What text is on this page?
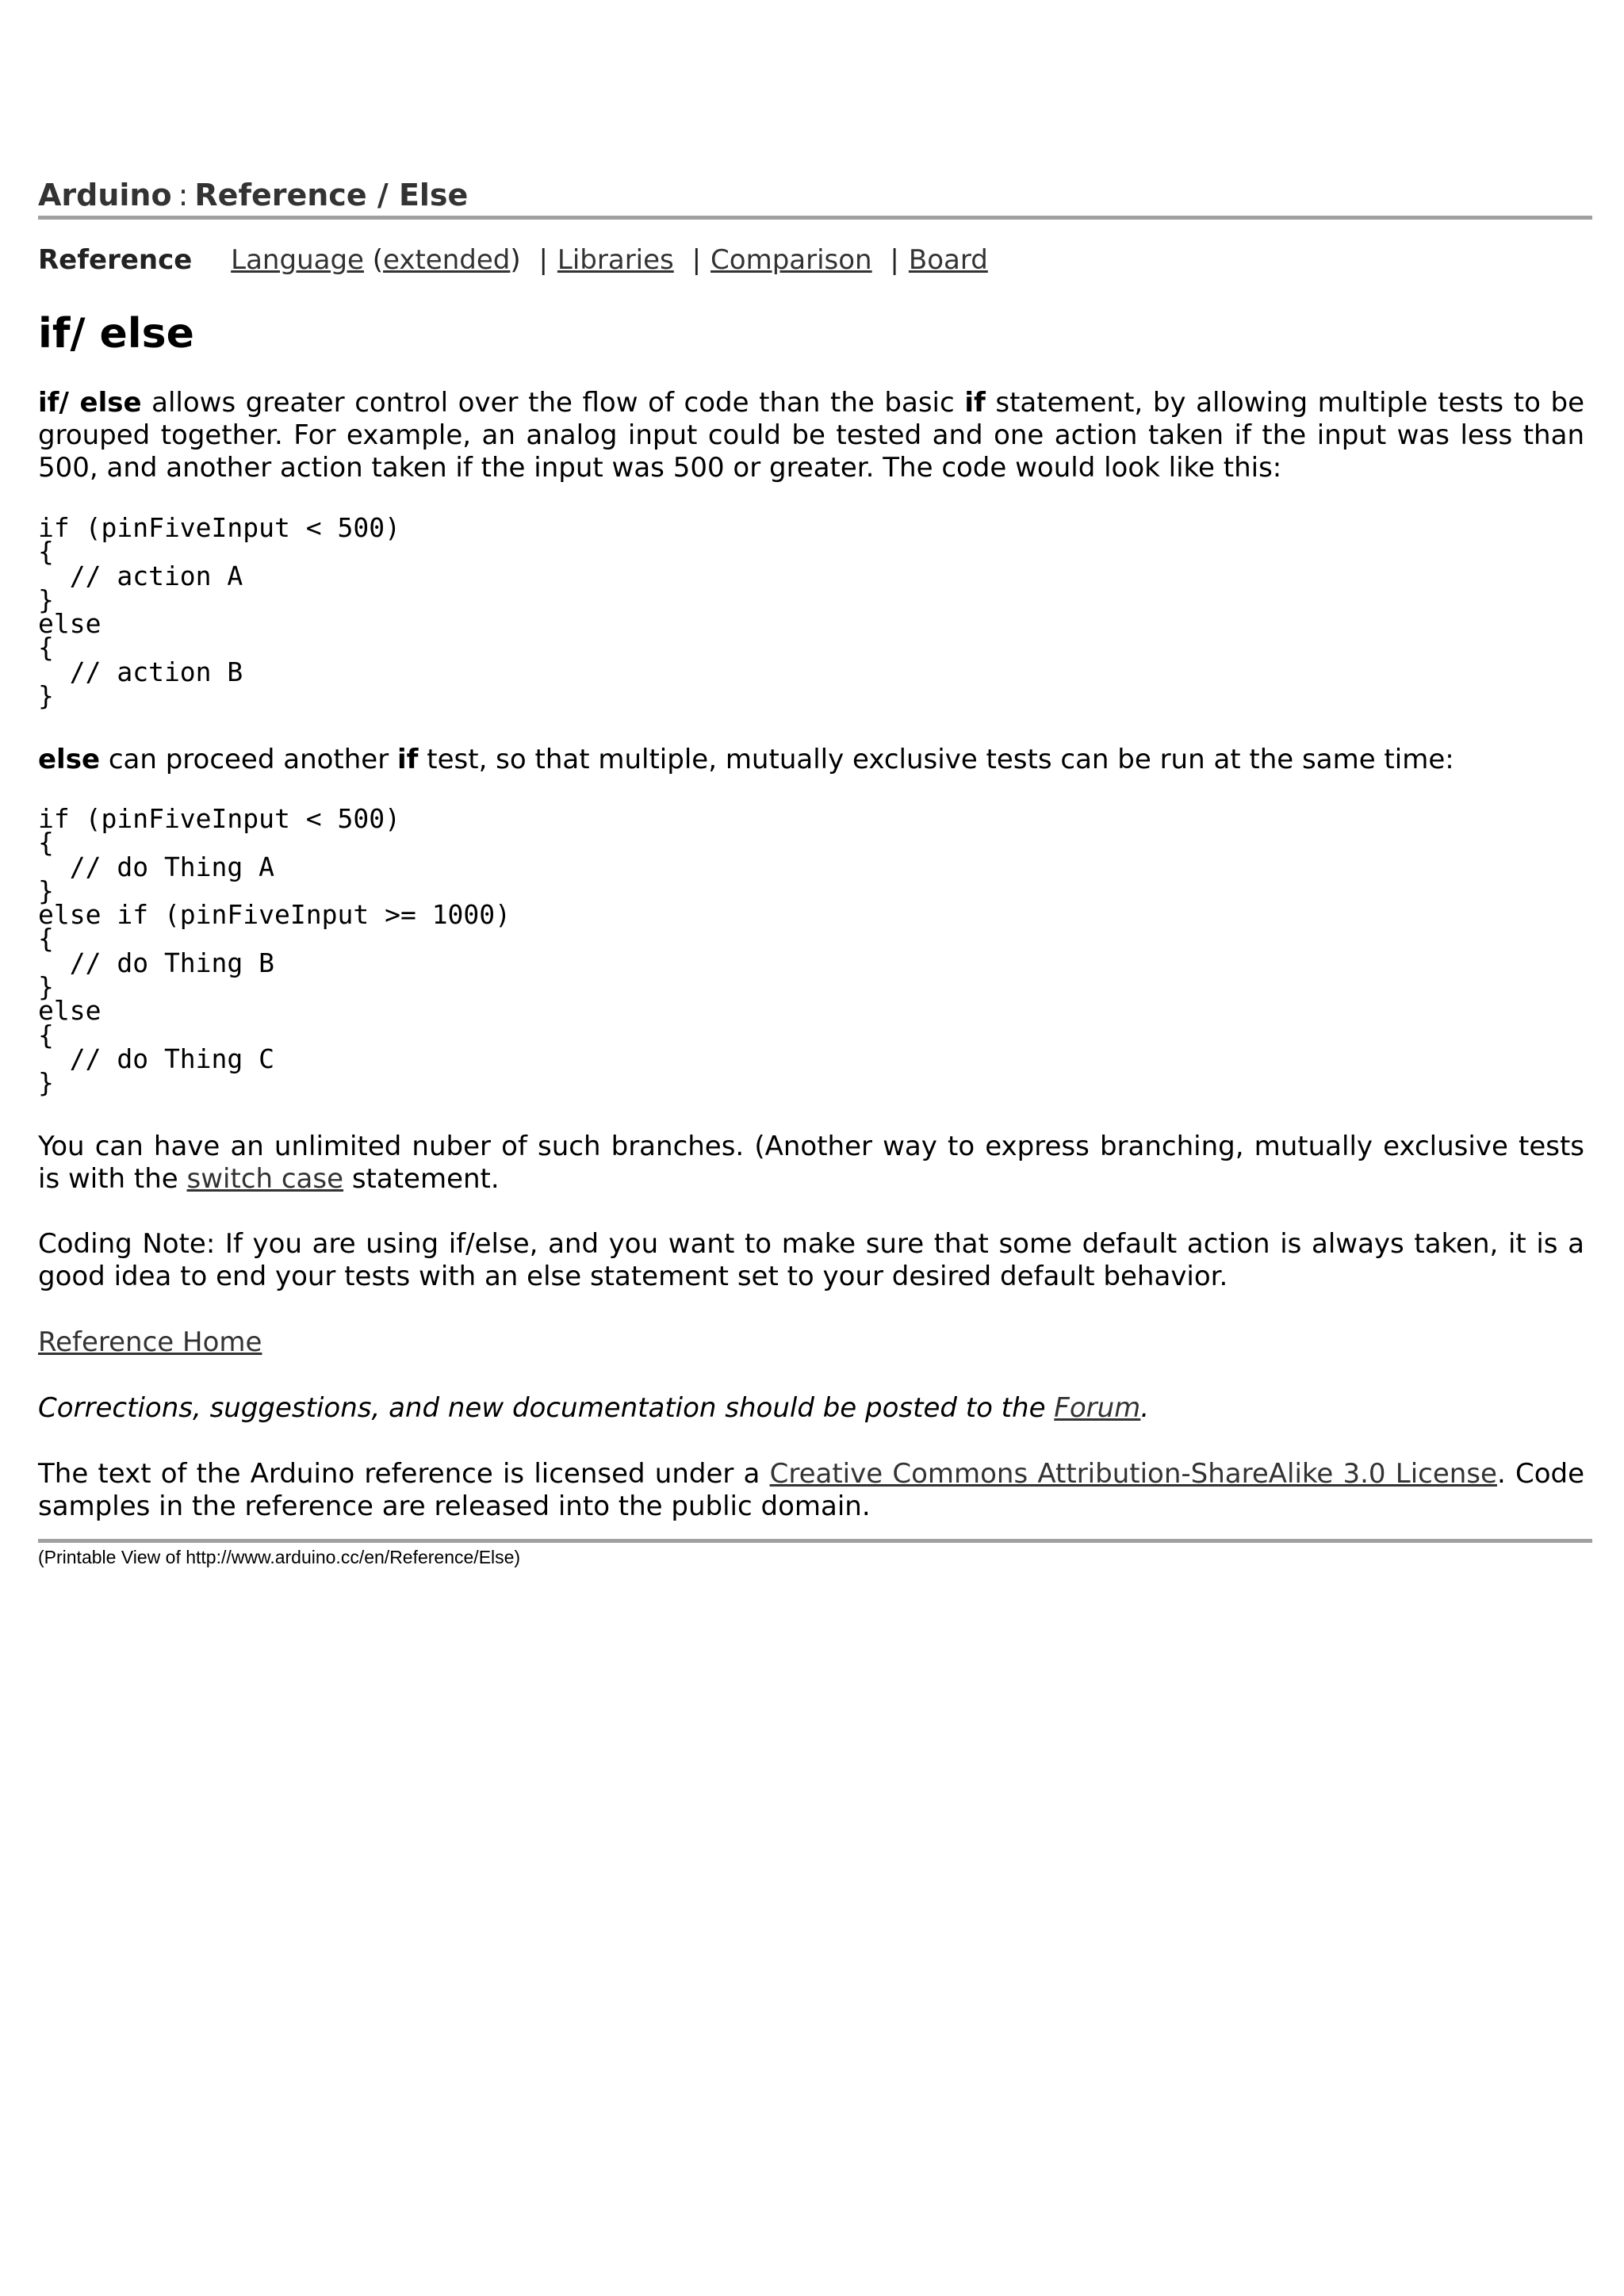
Arduino : Reference / Else
Reference Language (extended) | Libraries | Comparison | Board
if/ else

if/ else allows greater control over the flow of code than the basic if statement, by allowing multiple tests to be grouped together. For example, an analog input could be tested and one action taken if the input was less than 500, and another action taken if the input was 500 or greater. The code would look like this:

if (pinFiveInput < 500)
{
// action A
}
else
{
// action B
}

else can proceed another if test, so that multiple, mutually exclusive tests can be run at the same time:

if (pinFiveInput < 500)
{
// do Thing A
}
else if (pinFiveInput >= 1000)
{
// do Thing B
}
else
{
// do Thing C
}

You can have an unlimited nuber of such branches. (Another way to express branching, mutually exclusive tests is with the switch case statement.

Coding Note: If you are using if/else, and you want to make sure that some default action is always taken, it is a good idea to end your tests with an else statement set to your desired default behavior.

Reference Home

Corrections, suggestions, and new documentation should be posted to the Forum.

The text of the Arduino reference is licensed under a Creative Commons Attribution-ShareAlike 3.0 License. Code samples in the reference are released into the public domain.

(Printable View of http://www.arduino.cc/en/Reference/Else)
